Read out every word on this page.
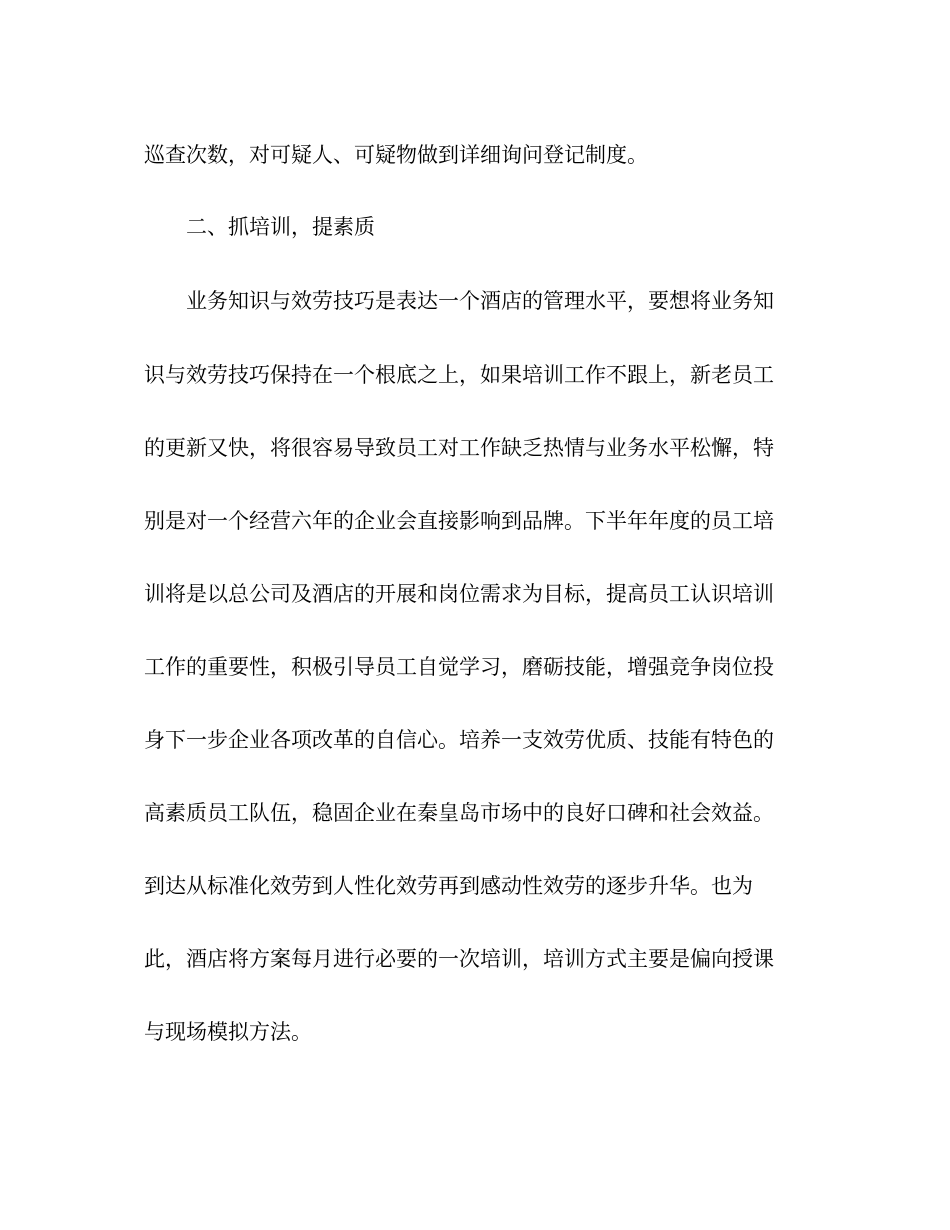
巡查次数，对可疑人、可疑物做到详细询问登记制度。
　　二、抓培训，提素质
　　业务知识与效劳技巧是表达一个酒店的管理水平，要想将业务知
识与效劳技巧保持在一个根底之上，如果培训工作不跟上，新老员工
的更新又快，将很容易导致员工对工作缺乏热情与业务水平松懈，特
别是对一个经营六年的企业会直接影响到品牌。下半年年度的员工培
训将是以总公司及酒店的开展和岗位需求为目标，提高员工认识培训
工作的重要性，积极引导员工自觉学习，磨砺技能，增强竞争岗位投
身下一步企业各项改革的自信心。培养一支效劳优质、技能有特色的
高素质员工队伍，稳固企业在秦皇岛市场中的良好口碑和社会效益。
到达从标准化效劳到人性化效劳再到感动性效劳的逐步升华。也为
此，酒店将方案每月进行必要的一次培训，培训方式主要是偏向授课
与现场模拟方法。
